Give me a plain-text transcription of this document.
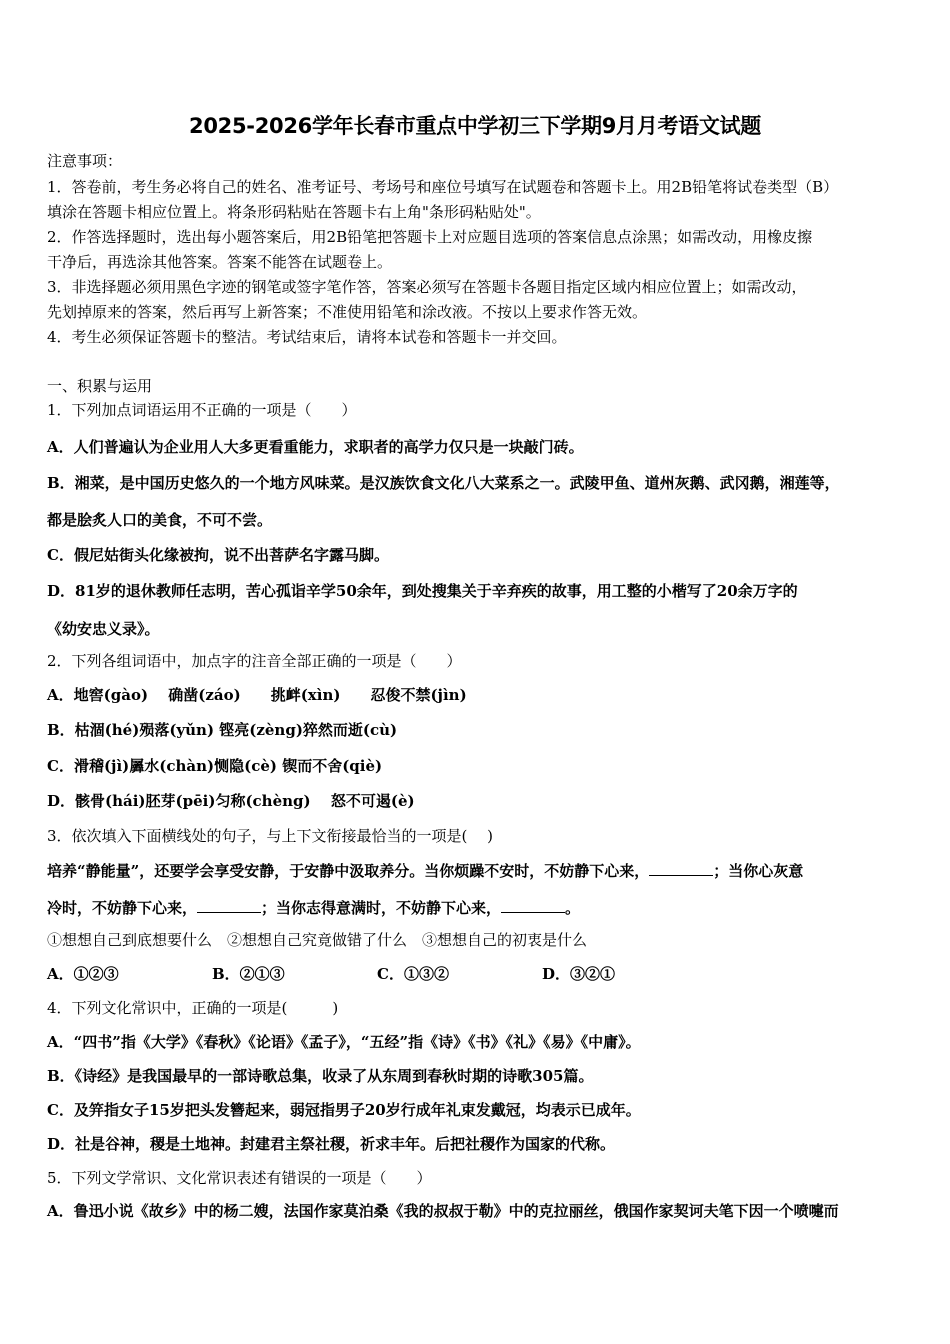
2025-2026学年长春市重点中学初三下学期9月月考语文试题
注意事项：
1．答卷前，考生务必将自己的姓名、准考证号、考场号和座位号填写在试题卷和答题卡上。用2B铅笔将试卷类型（B）
填涂在答题卡相应位置上。将条形码粘贴在答题卡右上角"条形码粘贴处"。
2．作答选择题时，选出每小题答案后，用2B铅笔把答题卡上对应题目选项的答案信息点涂黑；如需改动，用橡皮擦
干净后，再选涂其他答案。答案不能答在试题卷上。
3．非选择题必须用黑色字迹的钢笔或签字笔作答，答案必须写在答题卡各题目指定区域内相应位置上；如需改动，
先划掉原来的答案，然后再写上新答案；不准使用铅笔和涂改液。不按以上要求作答无效。
4．考生必须保证答题卡的整洁。考试结束后，请将本试卷和答题卡一并交回。
一、积累与运用
1．下列加点词语运用不正确的一项是（　　）
A．人们普遍认为企业用人大多更看重能力，求职者的高学力仅只是一块敲门砖。
B．湘菜，是中国历史悠久的一个地方风味菜。是汉族饮食文化八大菜系之一。武陵甲鱼、道州灰鹅、武冈鹅，湘莲等，
都是脍炙人口的美食，不可不尝。
C．假尼姑街头化缘被拘，说不出菩萨名字露马脚。
D．81岁的退休教师任志明，苦心孤诣辛学50余年，到处搜集关于辛弃疾的故事，用工整的小楷写了20余万字的
《幼安忠义录》。
2．下列各组词语中，加点字的注音全部正确的一项是（　　）
A．地窖(gào)　 确凿(záo)　　挑衅(xìn)　　忍俊不禁(jìn)
B．枯涸(hé)殒落(yǔn) 铿亮(zèng)猝然而逝(cù)
C．滑稽(jì)羼水(chàn)恻隐(cè) 锲而不舍(qiè)
D．骸骨(hái)胚芽(pēi)匀称(chèng)　 怒不可遏(è)
3．依次填入下面横线处的句子，与上下文衔接最恰当的一项是(　 )
培养“静能量”，还要学会享受安静，于安静中汲取养分。当你烦躁不安时，不妨静下心来，	；当你心灰意
冷时，不妨静下心来，	；当你志得意满时，不妨静下心来，	。
①想想自己到底想要什么　②想想自己究竟做错了什么　③想想自己的初衷是什么
A．①②③	B．②①③	C．①③②	D．③②①
4．下列文化常识中，正确的一项是(　　　)
A．“四书”指《大学》《春秋》《论语》《孟子》，“五经”指《诗》《书》《礼》《易》《中庸》。
B．《诗经》是我国最早的一部诗歌总集，收录了从东周到春秋时期的诗歌305篇。
C．及笄指女子15岁把头发簪起来，弱冠指男子20岁行成年礼束发戴冠，均表示已成年。
D．社是谷神，稷是土地神。封建君主祭社稷，祈求丰年。后把社稷作为国家的代称。
5．下列文学常识、文化常识表述有错误的一项是（　　）
A．鲁迅小说《故乡》中的杨二嫂，法国作家莫泊桑《我的叔叔于勒》中的克拉丽丝，俄国作家契诃夫笔下因一个喷嚏而
